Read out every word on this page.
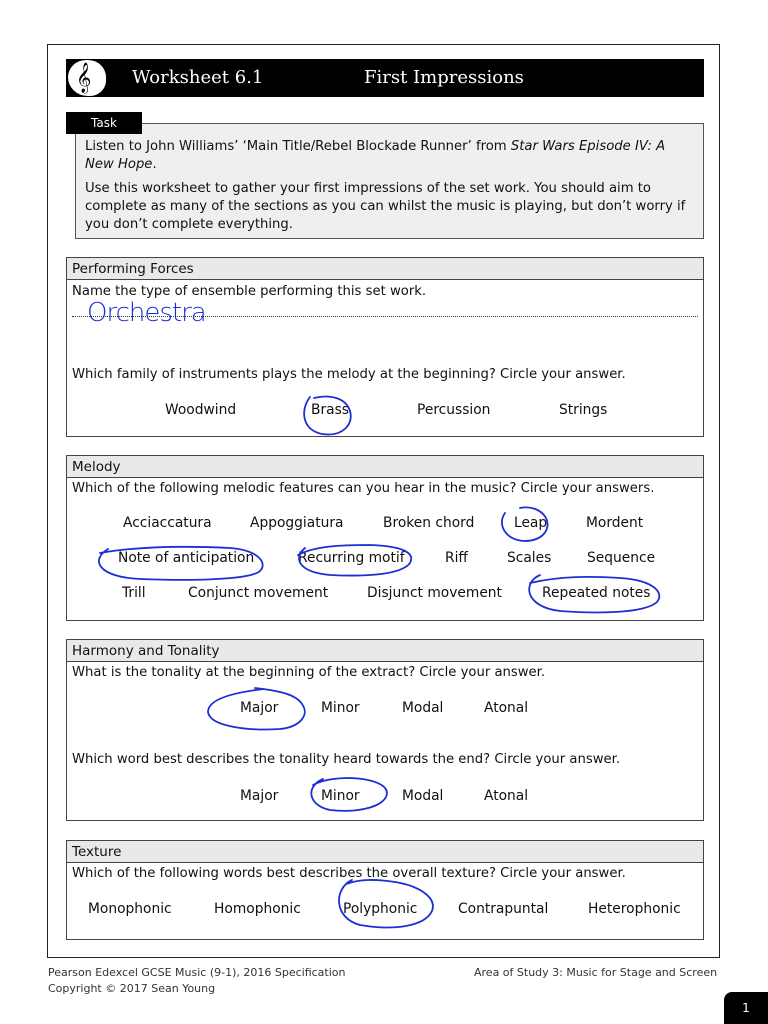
𝄞 Worksheet 6.1	First Impressions
Listen to John Williams’ ‘Main Title/Rebel Blockade Runner’ from Star Wars Episode IV: A New Hope.
Use this worksheet to gather your first impressions of the set work. You should aim to complete as many of the sections as you can whilst the music is playing, but don’t worry if you don’t complete everything.
Task
Performing Forces
Name the type of ensemble performing this set work.
Orchestra
Which family of instruments plays the melody at the beginning? Circle your answer.
Woodwind	Brass	Percussion	Strings
Melody
Which of the following melodic features can you hear in the music? Circle your answers.
Acciaccatura	Appoggiatura	Broken chord	Leap	Mordent
Note of anticipation	Recurring motif	Riff	Scales	Sequence
Trill	Conjunct movement	Disjunct movement	Repeated notes
Harmony and Tonality
What is the tonality at the beginning of the extract? Circle your answer.
Major	Minor	Modal	Atonal
Which word best describes the tonality heard towards the end? Circle your answer.
Major	Minor	Modal	Atonal
Texture
Which of the following words best describes the overall texture? Circle your answer.
Monophonic	Homophonic	Polyphonic	Contrapuntal	Heterophonic
Pearson Edexcel GCSE Music (9-1), 2016 Specification
Copyright © 2017 Sean Young
Area of Study 3: Music for Stage and Screen
1
